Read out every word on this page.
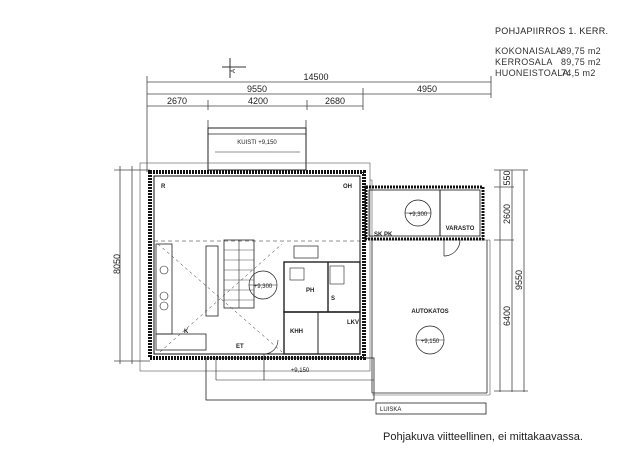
A
14500
9550	4950
2670	4200	2680
8050
550
2600
6400
9550
KUISTI +9,150
+9,300
VARASTO
SK PK
AUTOKATOS
+9,150
R	OH
+9,300
PH
S
LKV
K
ET
KHH
+9,150
LUISKA
POHJAPIIRROS 1. KERR.
KOKONAISALA
89,75 m2
KERROSALA 89,75 m2
HUONEISTOALA
74,5 m2
Pohjakuva viitteellinen, ei mittakaavassa.
